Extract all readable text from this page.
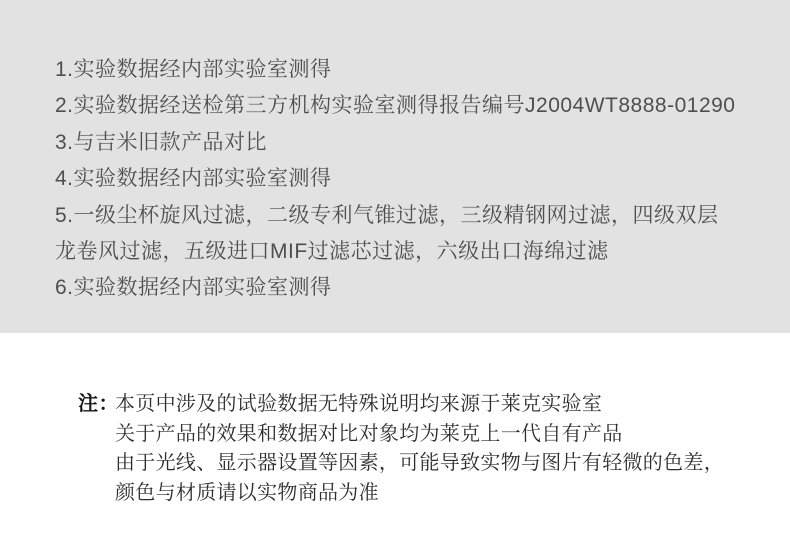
1.实验数据经内部实验室测得
2.实验数据经送检第三方机构实验室测得报告编号J2004WT8888-01290
3.与吉米旧款产品对比
4.实验数据经内部实验室测得
5.一级尘杯旋风过滤，二级专利气锥过滤，三级精钢网过滤，四级双层
龙卷风过滤，五级进口MIF过滤芯过滤，六级出口海绵过滤
6.实验数据经内部实验室测得
注：
本页中涉及的试验数据无特殊说明均来源于莱克实验室
关于产品的效果和数据对比对象均为莱克上一代自有产品
由于光线、显示器设置等因素，可能导致实物与图片有轻微的色差，
颜色与材质请以实物商品为准
